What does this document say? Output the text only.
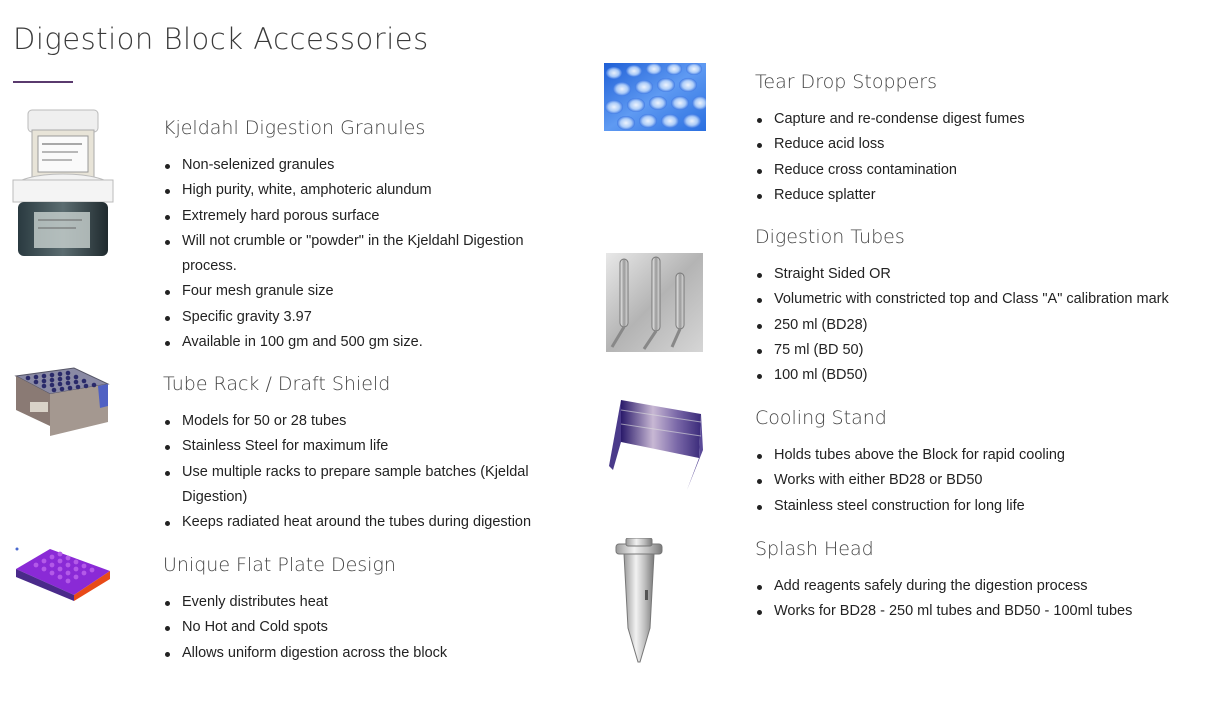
Digestion Block Accessories
Kjeldahl Digestion Granules
Non-selenized granules
High purity, white, amphoteric alundum
Extremely hard porous surface
Will not crumble or "powder" in the Kjeldahl Digestion process.
Four mesh granule size
Specific gravity 3.97
Available in 100 gm and 500 gm size.
Tube Rack / Draft Shield
Models for 50 or 28 tubes
Stainless Steel for maximum life
Use multiple racks to prepare sample batches (Kjeldal Digestion)
Keeps radiated heat around the tubes during digestion
Unique Flat Plate Design
Evenly distributes heat
No Hot and Cold spots
Allows uniform digestion across the block
Tear Drop Stoppers
Capture and re-condense digest fumes
Reduce acid loss
Reduce cross contamination
Reduce splatter
Digestion Tubes
Straight Sided OR
Volumetric with constricted top and Class "A" calibration mark
250 ml (BD28)
75 ml (BD 50)
100 ml (BD50)
Cooling Stand
Holds tubes above the Block for rapid cooling
Works with either BD28 or BD50
Stainless steel construction for long life
Splash Head
Add reagents safely during the digestion process
Works for BD28 - 250 ml tubes and BD50 - 100ml tubes
